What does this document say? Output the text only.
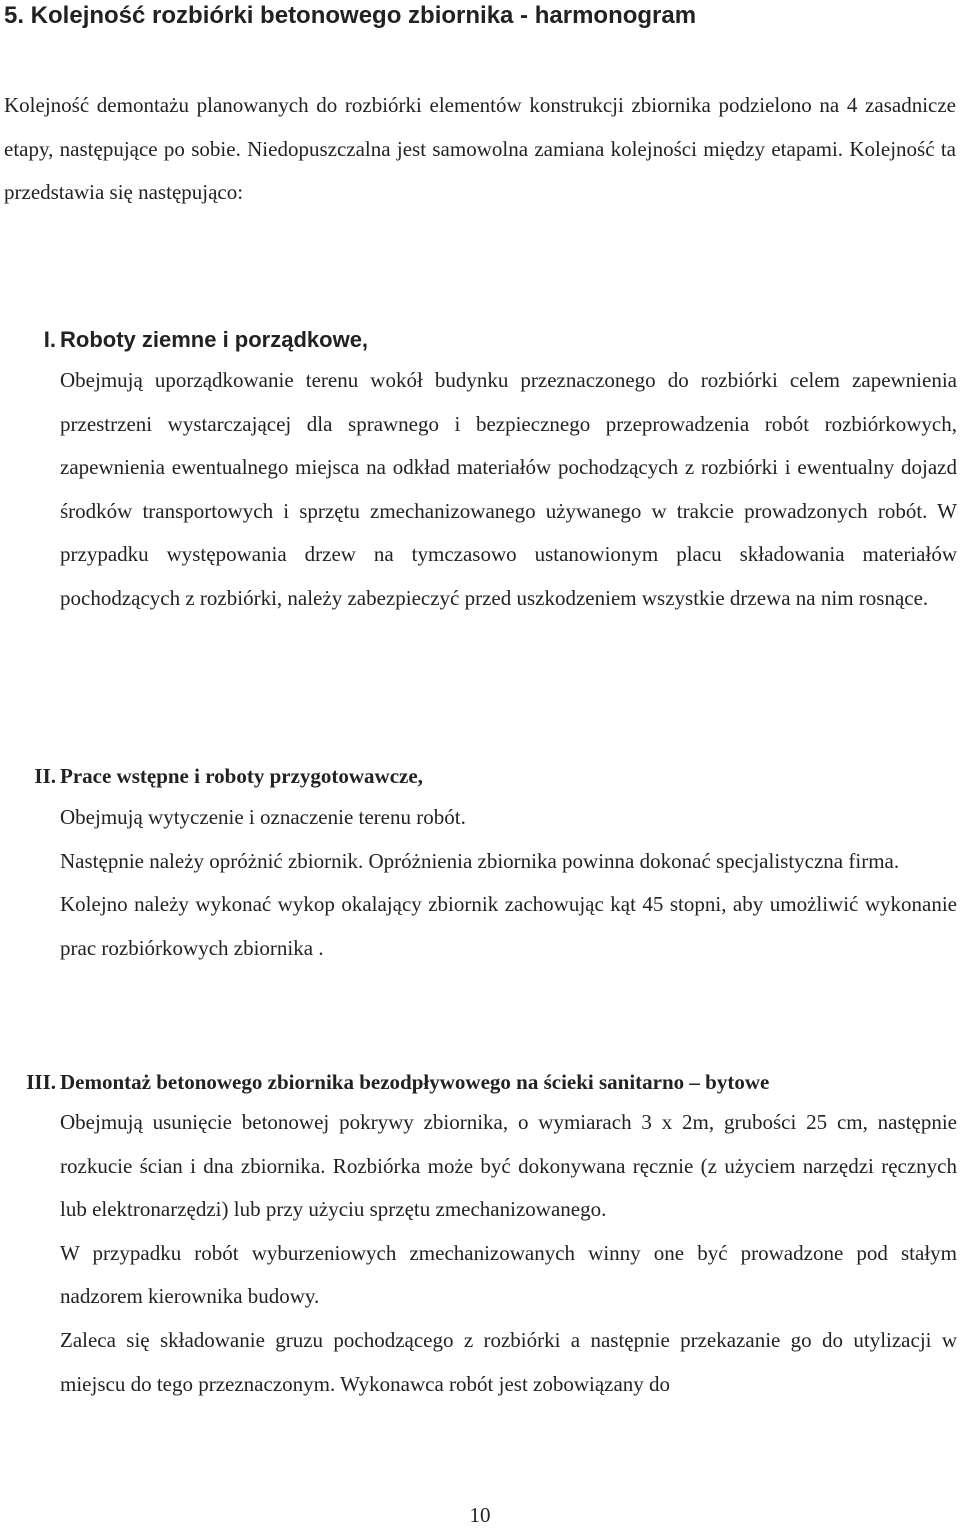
5. Kolejność rozbiórki betonowego zbiornika - harmonogram

Kolejność demontażu planowanych do rozbiórki elementów konstrukcji zbiornika podzielono na 4 zasadnicze etapy, następujące po sobie. Niedopuszczalna jest samowolna zamiana kolejności między etapami. Kolejność ta przedstawia się następująco:

I. Roboty ziemne i porządkowe,

Obejmują uporządkowanie terenu wokół budynku przeznaczonego do rozbiórki celem zapewnienia przestrzeni wystarczającej dla sprawnego i bezpiecznego przeprowadzenia robót rozbiórkowych, zapewnienia ewentualnego miejsca na odkład materiałów pochodzących z rozbiórki i ewentualny dojazd środków transportowych i sprzętu zmechanizowanego używanego w trakcie prowadzonych robót. W przypadku występowania drzew na tymczasowo ustanowionym placu składowania materiałów pochodzących z rozbiórki, należy zabezpieczyć przed uszkodzeniem wszystkie drzewa na nim rosnące.

II. Prace wstępne i roboty przygotowawcze,

Obejmują wytyczenie i oznaczenie terenu robót.

Następnie należy opróżnić zbiornik. Opróżnienia zbiornika powinna dokonać specjalistyczna firma.

Kolejno należy wykonać wykop okalający zbiornik zachowując kąt 45 stopni, aby umożliwić wykonanie prac rozbiórkowych zbiornika .

III. Demontaż betonowego zbiornika bezodpływowego na ścieki sanitarno – bytowe

Obejmują usunięcie betonowej pokrywy zbiornika, o wymiarach 3 x 2m, grubości 25 cm, następnie rozkucie ścian i dna zbiornika. Rozbiórka może być dokonywana ręcznie (z użyciem narzędzi ręcznych lub elektronarzędzi) lub przy użyciu sprzętu zmechanizowanego.

W przypadku robót wyburzeniowych zmechanizowanych winny one być prowadzone pod stałym nadzorem kierownika budowy.

Zaleca się składowanie gruzu pochodzącego z rozbiórki a następnie przekazanie go do utylizacji w miejscu do tego przeznaczonym. Wykonawca robót jest zobowiązany do

10
